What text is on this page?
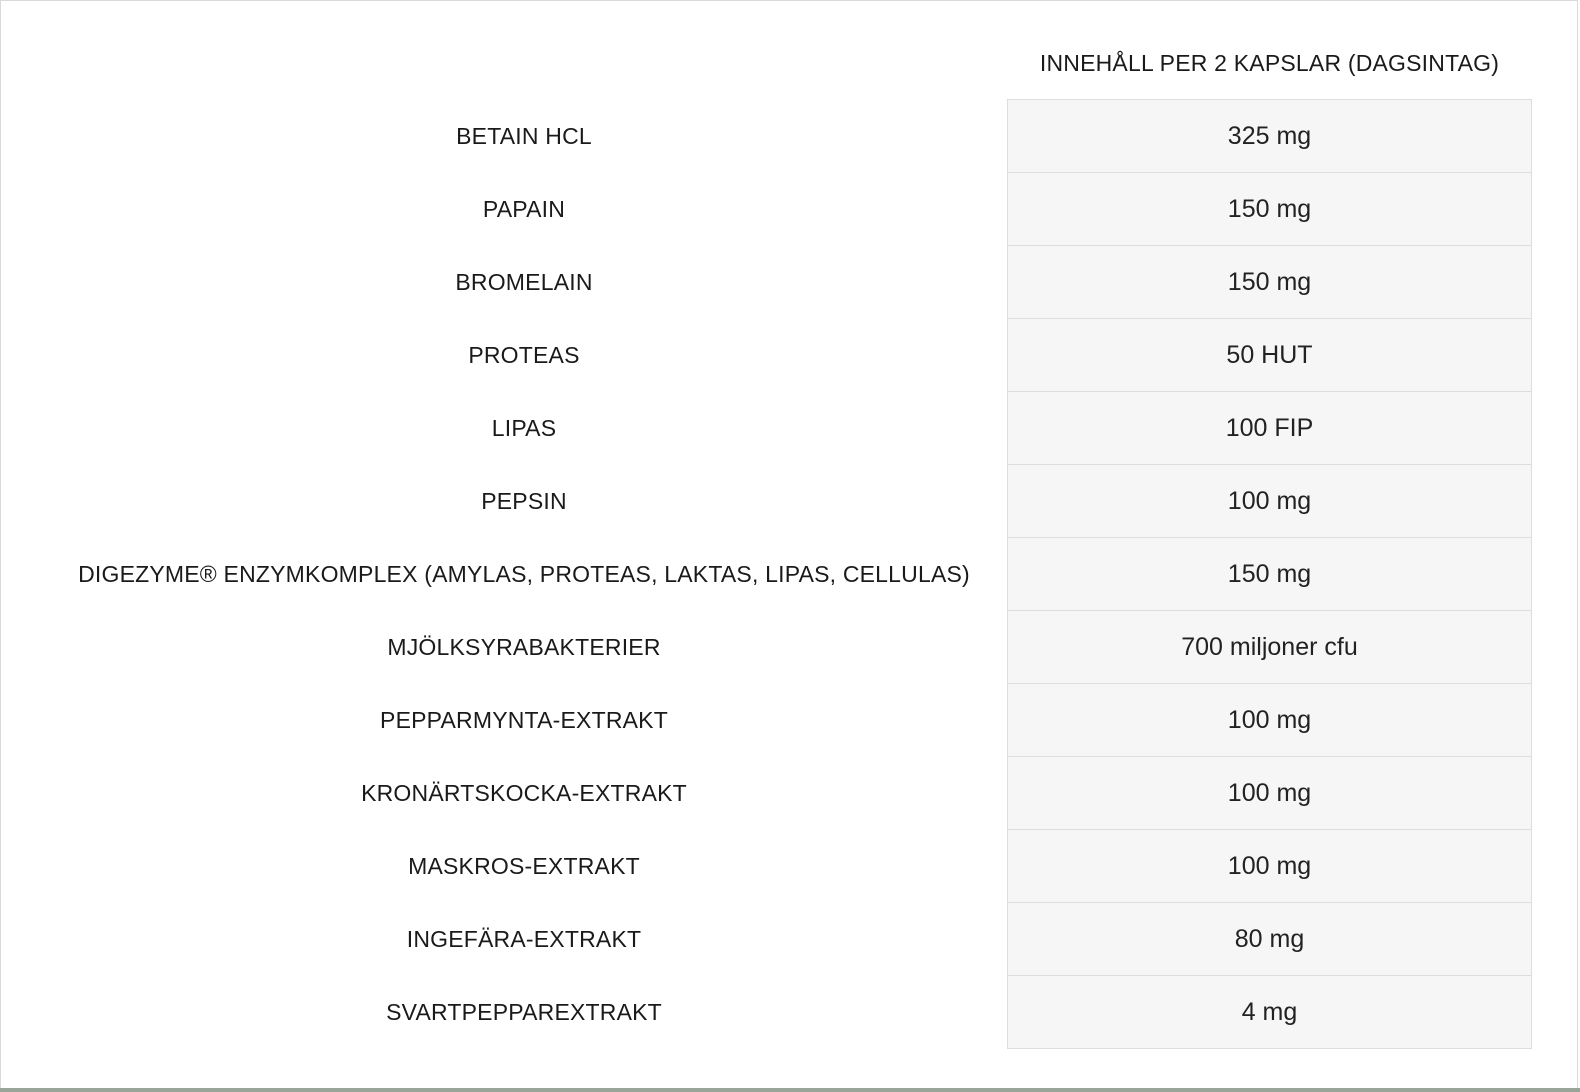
	INNEHÅLL PER 2 KAPSLAR (DAGSINTAG)
BETAIN HCL	325 mg
PAPAIN	150 mg
BROMELAIN	150 mg
PROTEAS	50 HUT
LIPAS	100 FIP
PEPSIN	100 mg
DIGEZYME® ENZYMKOMPLEX (AMYLAS, PROTEAS, LAKTAS, LIPAS, CELLULAS)	150 mg
MJÖLKSYRABAKTERIER	700 miljoner cfu
PEPPARMYNTA-EXTRAKT	100 mg
KRONÄRTSKOCKA-EXTRAKT	100 mg
MASKROS-EXTRAKT	100 mg
INGEFÄRA-EXTRAKT	80 mg
SVARTPEPPAREXTRAKT	4 mg
